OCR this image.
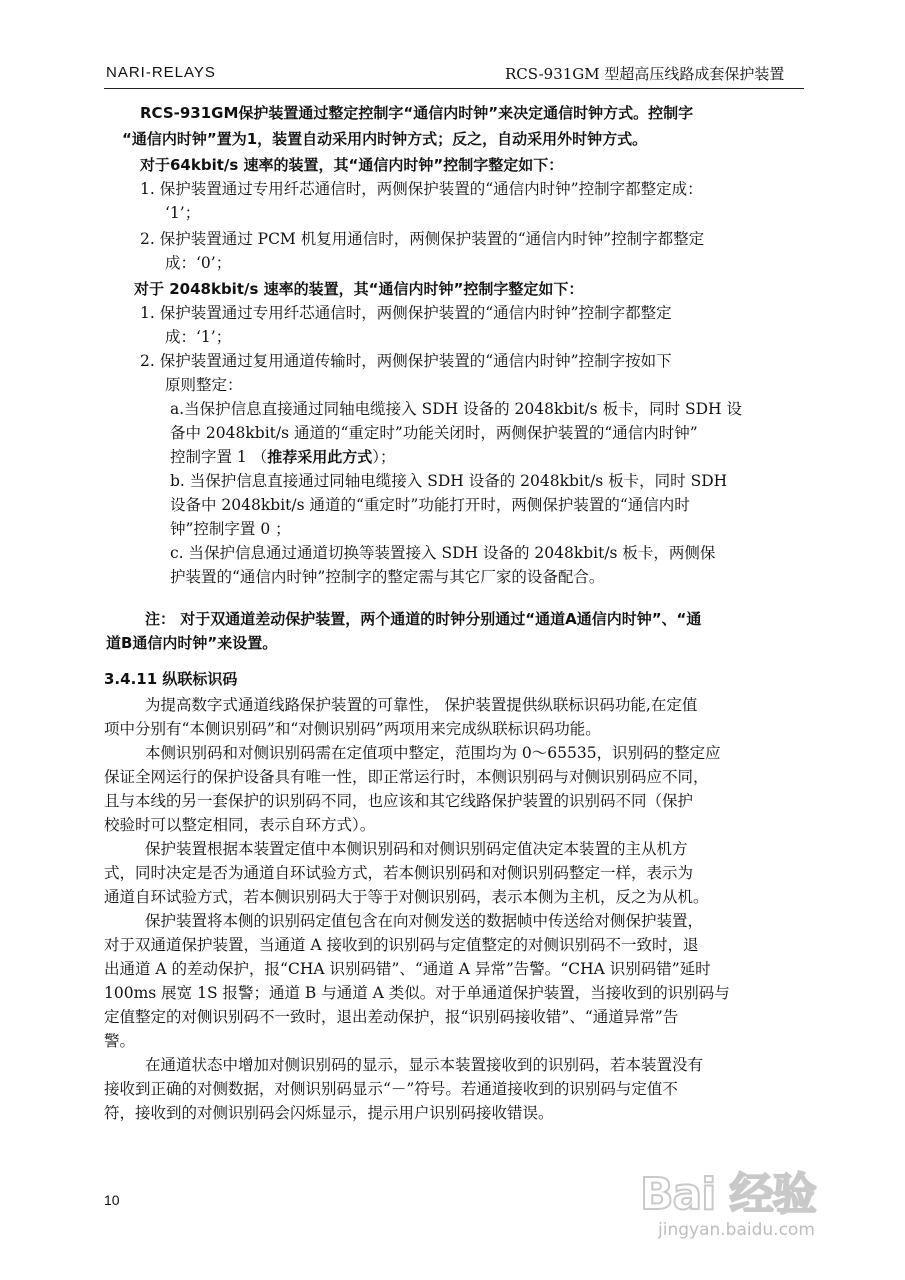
NARI-RELAYS	RCS-931GM 型超高压线路成套保护装置
RCS-931GM保护装置通过整定控制字“通信内时钟”来决定通信时钟方式。控制字
“通信内时钟”置为1，装置自动采用内时钟方式；反之，自动采用外时钟方式。
对于64kbit/s 速率的装置，其“通信内时钟”控制字整定如下：
1. 保护装置通过专用纤芯通信时，两侧保护装置的“通信内时钟”控制字都整定成：
‘1’；
2. 保护装置通过 PCM 机复用通信时，两侧保护装置的“通信内时钟”控制字都整定
成：‘0’；
对于 2048kbit/s 速率的装置，其“通信内时钟”控制字整定如下：
1. 保护装置通过专用纤芯通信时，两侧保护装置的“通信内时钟”控制字都整定
成：‘1’；
2. 保护装置通过复用通道传输时，两侧保护装置的“通信内时钟”控制字按如下
原则整定：
a.当保护信息直接通过同轴电缆接入 SDH 设备的 2048kbit/s 板卡，同时 SDH 设
备中 2048kbit/s 通道的“重定时”功能关闭时，两侧保护装置的“通信内时钟”
控制字置 1 （推荐采用此方式）；
b. 当保护信息直接通过同轴电缆接入 SDH 设备的 2048kbit/s 板卡，同时 SDH
设备中 2048kbit/s 通道的“重定时”功能打开时，两侧保护装置的“通信内时
钟”控制字置 0 ；
c. 当保护信息通过通道切换等装置接入 SDH 设备的 2048kbit/s 板卡，两侧保
护装置的“通信内时钟”控制字的整定需与其它厂家的设备配合。
注： 对于双通道差动保护装置，两个通道的时钟分别通过“通道A通信内时钟”、“通
道B通信内时钟”来设置。
3.4.11 纵联标识码
为提高数字式通道线路保护装置的可靠性， 保护装置提供纵联标识码功能,在定值
项中分别有“本侧识别码”和“对侧识别码”两项用来完成纵联标识码功能。
本侧识别码和对侧识别码需在定值项中整定，范围均为 0～65535，识别码的整定应
保证全网运行的保护设备具有唯一性，即正常运行时，本侧识别码与对侧识别码应不同，
且与本线的另一套保护的识别码不同，也应该和其它线路保护装置的识别码不同（保护
校验时可以整定相同，表示自环方式）。
保护装置根据本装置定值中本侧识别码和对侧识别码定值决定本装置的主从机方
式，同时决定是否为通道自环试验方式，若本侧识别码和对侧识别码整定一样，表示为
通道自环试验方式，若本侧识别码大于等于对侧识别码，表示本侧为主机，反之为从机。
保护装置将本侧的识别码定值包含在向对侧发送的数据帧中传送给对侧保护装置，
对于双通道保护装置，当通道 A 接收到的识别码与定值整定的对侧识别码不一致时，退
出通道 A 的差动保护，报“CHA 识别码错”、“通道 A 异常”告警。“CHA 识别码错”延时
100ms 展宽 1S 报警；通道 B 与通道 A 类似。对于单通道保护装置，当接收到的识别码与
定值整定的对侧识别码不一致时，退出差动保护，报“识别码接收错”、“通道异常”告
警。
在通道状态中增加对侧识别码的显示，显示本装置接收到的识别码，若本装置没有
接收到正确的对侧数据，对侧识别码显示“－”符号。若通道接收到的识别码与定值不
符，接收到的对侧识别码会闪烁显示，提示用户识别码接收错误。
10	Bai 经验
jingyan.baidu.com
